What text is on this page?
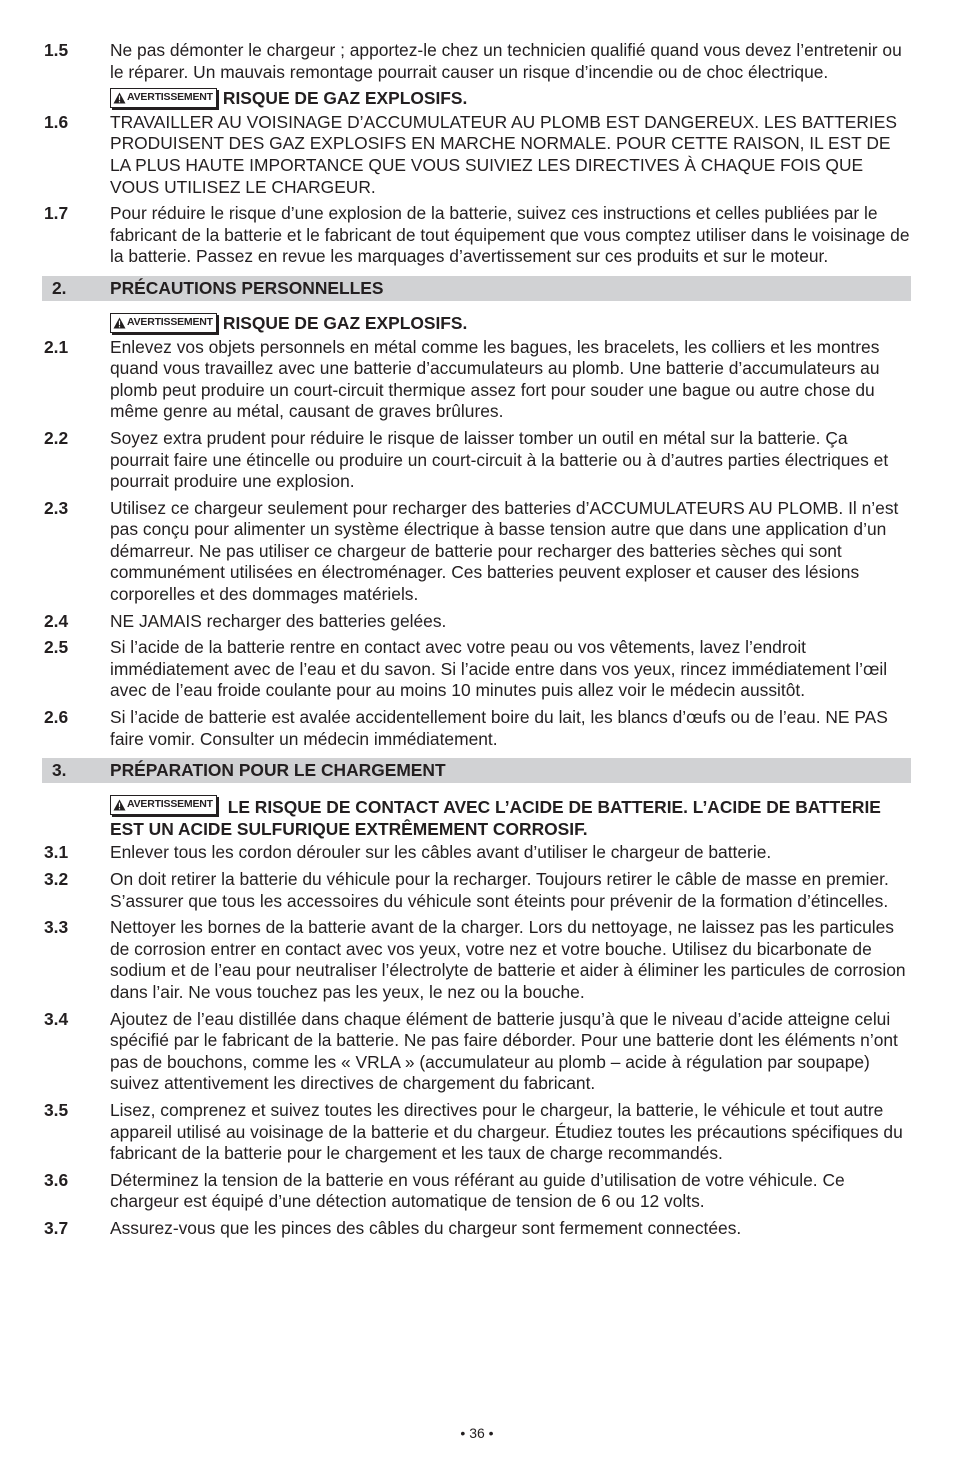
1.5	Ne pas démonter le chargeur ; apportez-le chez un technicien qualifié quand vous devez l’entretenir ou le réparer. Un mauvais remontage pourrait causer un risque d’incendie ou de choc électrique.
AVERTISSEMENT RISQUE DE GAZ EXPLOSIFS.
1.6	TRAVAILLER AU VOISINAGE D’ACCUMULATEUR AU PLOMB EST DANGEREUX. LES BATTERIES PRODUISENT DES GAZ EXPLOSIFS EN MARCHE NORMALE. POUR CETTE RAISON, IL EST DE LA PLUS HAUTE IMPORTANCE QUE VOUS SUIVIEZ LES DIRECTIVES À CHAQUE FOIS QUE VOUS UTILISEZ LE CHARGEUR.
1.7	Pour réduire le risque d’une explosion de la batterie, suivez ces instructions et celles publiées par le fabricant de la batterie et le fabricant de tout équipement que vous comptez utiliser dans le voisinage de la batterie. Passez en revue les marquages d’avertissement sur ces produits et sur le moteur.
2.	PRÉCAUTIONS PERSONNELLES
AVERTISSEMENT RISQUE DE GAZ EXPLOSIFS.
2.1	Enlevez vos objets personnels en métal comme les bagues, les bracelets, les colliers et les montres quand vous travaillez avec une batterie d’accumulateurs au plomb. Une batterie d’accumulateurs au plomb peut produire un court-circuit thermique assez fort pour souder une bague ou autre chose du même genre au métal, causant de graves brûlures.
2.2	Soyez extra prudent pour réduire le risque de laisser tomber un outil en métal sur la batterie. Ça pourrait faire une étincelle ou produire un court-circuit à la batterie ou à d’autres parties électriques et pourrait produire une explosion.
2.3	Utilisez ce chargeur seulement pour recharger des batteries d’ACCUMULATEURS AU PLOMB. Il n’est pas conçu pour alimenter un système électrique à basse tension autre que dans une application d’un démarreur. Ne pas utiliser ce chargeur de batterie pour recharger des batteries sèches qui sont communément utilisées en électroménager. Ces batteries peuvent exploser et causer des lésions corporelles et des dommages matériels.
2.4	NE JAMAIS recharger des batteries gelées.
2.5	Si l’acide de la batterie rentre en contact avec votre peau ou vos vêtements, lavez l’endroit immédiatement avec de l’eau et du savon. Si l’acide entre dans vos yeux, rincez immédiatement l’œil avec de l’eau froide coulante pour au moins 10 minutes puis allez voir le médecin aussitôt.
2.6	Si l’acide de batterie est avalée accidentellement boire du lait, les blancs d’œufs ou de l’eau. NE PAS faire vomir. Consulter un médecin immédiatement.
3.	PRÉPARATION POUR LE CHARGEMENT
AVERTISSEMENT LE RISQUE DE CONTACT AVEC L’ACIDE DE BATTERIE. L’ACIDE DE BATTERIE EST UN ACIDE SULFURIQUE EXTRÊMEMENT CORROSIF.
3.1	Enlever tous les cordon dérouler sur les câbles avant d’utiliser le chargeur de batterie.
3.2	On doit retirer la batterie du véhicule pour la recharger. Toujours retirer le câble de masse en premier. S’assurer que tous les accessoires du véhicule sont éteints pour prévenir de la formation d’étincelles.
3.3	Nettoyer les bornes de la batterie avant de la charger. Lors du nettoyage, ne laissez pas les particules de corrosion entrer en contact avec vos yeux, votre nez et votre bouche. Utilisez du bicarbonate de sodium et de l’eau pour neutraliser l’électrolyte de batterie et aider à éliminer les particules de corrosion dans l’air. Ne vous touchez pas les yeux, le nez ou la bouche.
3.4	Ajoutez de l’eau distillée dans chaque élément de batterie jusqu’à que le niveau d’acide atteigne celui spécifié par le fabricant de la batterie. Ne pas faire déborder. Pour une batterie dont les éléments n’ont pas de bouchons, comme les « VRLA » (accumulateur au plomb – acide à régulation par soupape) suivez attentivement les directives de chargement du fabricant.
3.5	Lisez, comprenez et suivez toutes les directives pour le chargeur, la batterie, le véhicule et tout autre appareil utilisé au voisinage de la batterie et du chargeur. Étudiez toutes les précautions spécifiques du fabricant de la batterie pour le chargement et les taux de charge recommandés.
3.6	Déterminez la tension de la batterie en vous référant au guide d’utilisation de votre véhicule. Ce chargeur est équipé d’une détection automatique de tension de 6 ou 12 volts.
3.7	Assurez-vous que les pinces des câbles du chargeur sont fermement connectées.
• 36 •
